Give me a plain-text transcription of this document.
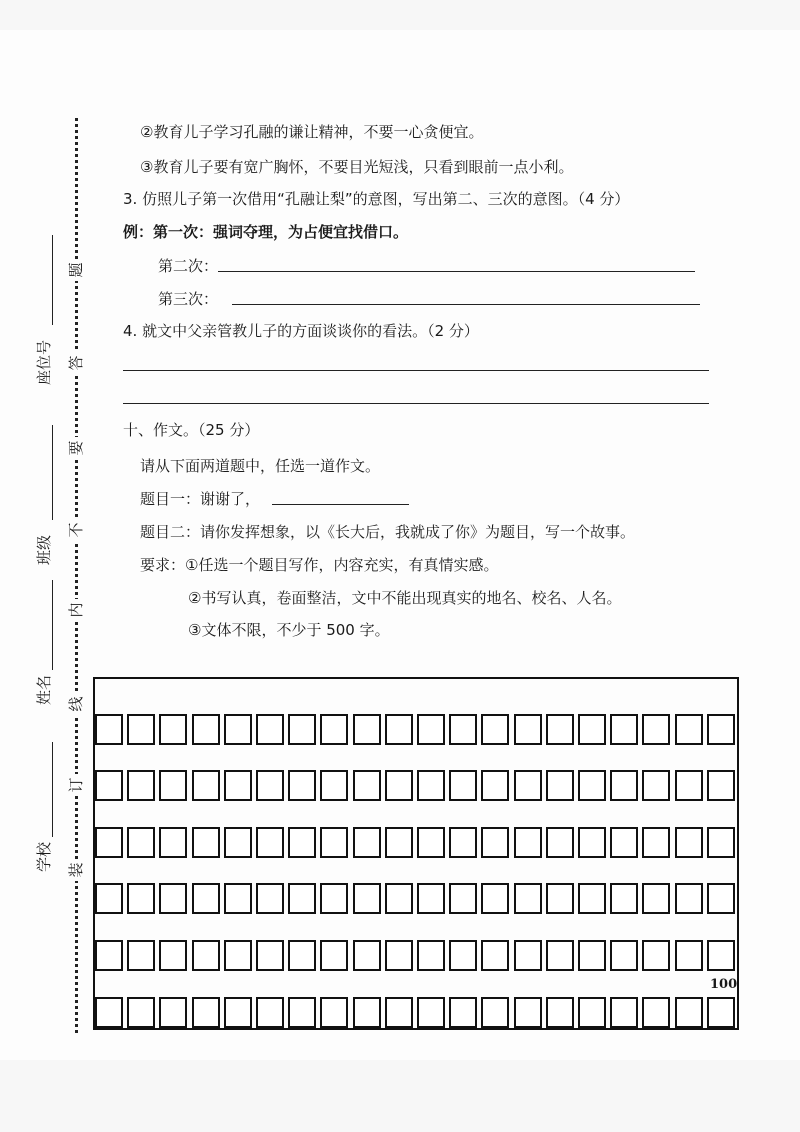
题
答
要
不
内
线
订
装
座位号
班级
姓名
学校
②教育儿子学习孔融的谦让精神，不要一心贪便宜。
③教育儿子要有宽广胸怀，不要目光短浅，只看到眼前一点小利。
3. 仿照儿子第一次借用“孔融让梨”的意图，写出第二、三次的意图。（4 分）
例：第一次：强词夺理，为占便宜找借口。
第二次：
第三次：
4. 就文中父亲管教儿子的方面谈谈你的看法。（2 分）
十、作文。（25 分）
请从下面两道题中，任选一道作文。
题目一：谢谢了，
题目二：请你发挥想象，以《长大后，我就成了你》为题目，写一个故事。
要求：①任选一个题目写作，内容充实，有真情实感。
②书写认真，卷面整洁，文中不能出现真实的地名、校名、人名。
③文体不限，不少于 500 字。
100
